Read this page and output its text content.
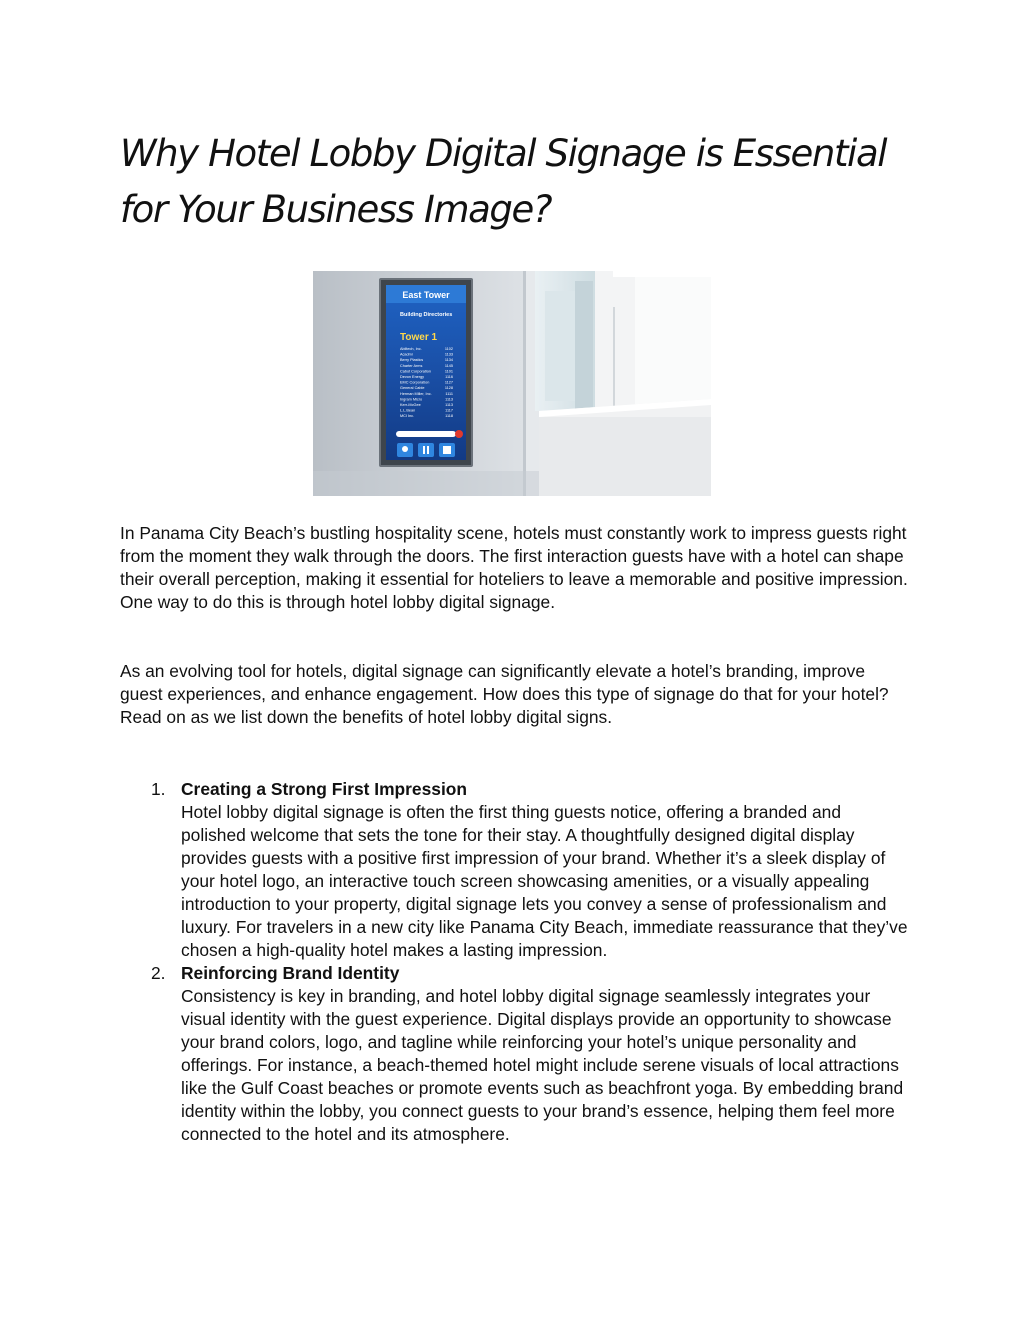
Why Hotel Lobby Digital Signage is Essential for Your Business Image?
East Tower
Building Directories
Tower 1
Abiltech, Inc.	1102
Acadmi	1133
Berry Plastics	1134
Charter Arms	1145
Cabot Corporation	1101
Devon Energy	1116
EMC Corporation	1127
General Cable	1128
Herman Miller, Inc.	1111
Ingram Micro	1113
Kerr-McGee	1113
L.L.Bean	1117
MCI Inc.	1118

In Panama City Beach’s bustling hospitality scene, hotels must constantly work to impress guests right from the moment they walk through the doors. The first interaction guests have with a hotel can shape their overall perception, making it essential for hoteliers to leave a memorable and positive impression. One way to do this is through hotel lobby digital signage.

As an evolving tool for hotels, digital signage can significantly elevate a hotel’s branding, improve guest experiences, and enhance engagement. How does this type of signage do that for your hotel? Read on as we list down the benefits of hotel lobby digital signs.

1. Creating a Strong First Impression
Hotel lobby digital signage is often the first thing guests notice, offering a branded and polished welcome that sets the tone for their stay. A thoughtfully designed digital display provides guests with a positive first impression of your brand. Whether it’s a sleek display of your hotel logo, an interactive touch screen showcasing amenities, or a visually appealing introduction to your property, digital signage lets you convey a sense of professionalism and luxury. For travelers in a new city like Panama City Beach, immediate reassurance that they’ve chosen a high-quality hotel makes a lasting impression.
2. Reinforcing Brand Identity
Consistency is key in branding, and hotel lobby digital signage seamlessly integrates your visual identity with the guest experience. Digital displays provide an opportunity to showcase your brand colors, logo, and tagline while reinforcing your hotel’s unique personality and offerings. For instance, a beach-themed hotel might include serene visuals of local attractions like the Gulf Coast beaches or promote events such as beachfront yoga. By embedding brand identity within the lobby, you connect guests to your brand’s essence, helping them feel more connected to the hotel and its atmosphere.
